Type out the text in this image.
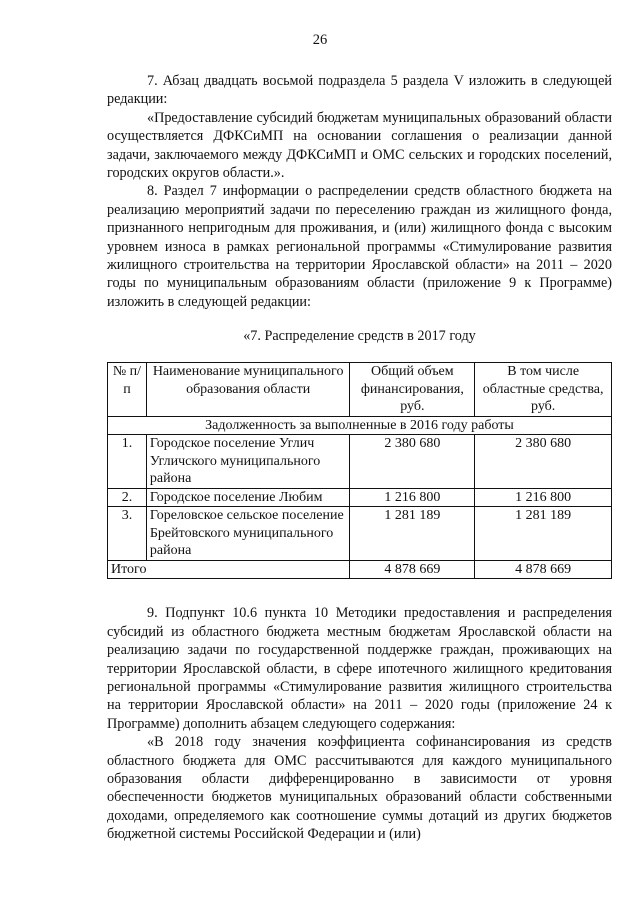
26

7. Абзац двадцать восьмой подраздела 5 раздела V изложить в следующей редакции:

«Предоставление субсидий бюджетам муниципальных образований области осуществляется ДФКСиМП на основании соглашения о реализации данной задачи, заключаемого между ДФКСиМП и ОМС сельских и городских поселений, городских округов области.».

8. Раздел 7 информации о распределении средств областного бюджета на реализацию мероприятий задачи по переселению граждан из жилищного фонда, признанного непригодным для проживания, и (или) жилищного фонда с высоким уровнем износа в рамках региональной программы «Стимулирование развития жилищного строительства на территории Ярославской области» на 2011 – 2020 годы по муниципальным образованиям области (приложение 9 к Программе) изложить в следующей редакции:

«7. Распределение средств в 2017 году
№ п/п	Наименование муниципального образования области	Общий объем финансирования, руб.	В том числе областные средства, руб.
Задолженность за выполненные в 2016 году работы			
1.	Городское поселение Углич Угличского муниципального района	2 380 680	2 380 680
2.	Городское поселение Любим	1 216 800	1 216 800
3.	Гореловское сельское поселение Брейтовского муниципального района	1 281 189	1 281 189
Итого		4 878 669	4 878 669

9. Подпункт 10.6 пункта 10 Методики предоставления и распределения субсидий из областного бюджета местным бюджетам Ярославской области на реализацию задачи по государственной поддержке граждан, проживающих на территории Ярославской области, в сфере ипотечного жилищного кредитования региональной программы «Стимулирование развития жилищного строительства на территории Ярославской области» на 2011 – 2020 годы (приложение 24 к Программе) дополнить абзацем следующего содержания:

«В 2018 году значения коэффициента софинансирования из средств областного бюджета для ОМС рассчитываются для каждого муниципального образования области дифференцированно в зависимости от уровня обеспеченности бюджетов муниципальных образований области собственными доходами, определяемого как соотношение суммы дотаций из других бюджетов бюджетной системы Российской Федерации и (или)
